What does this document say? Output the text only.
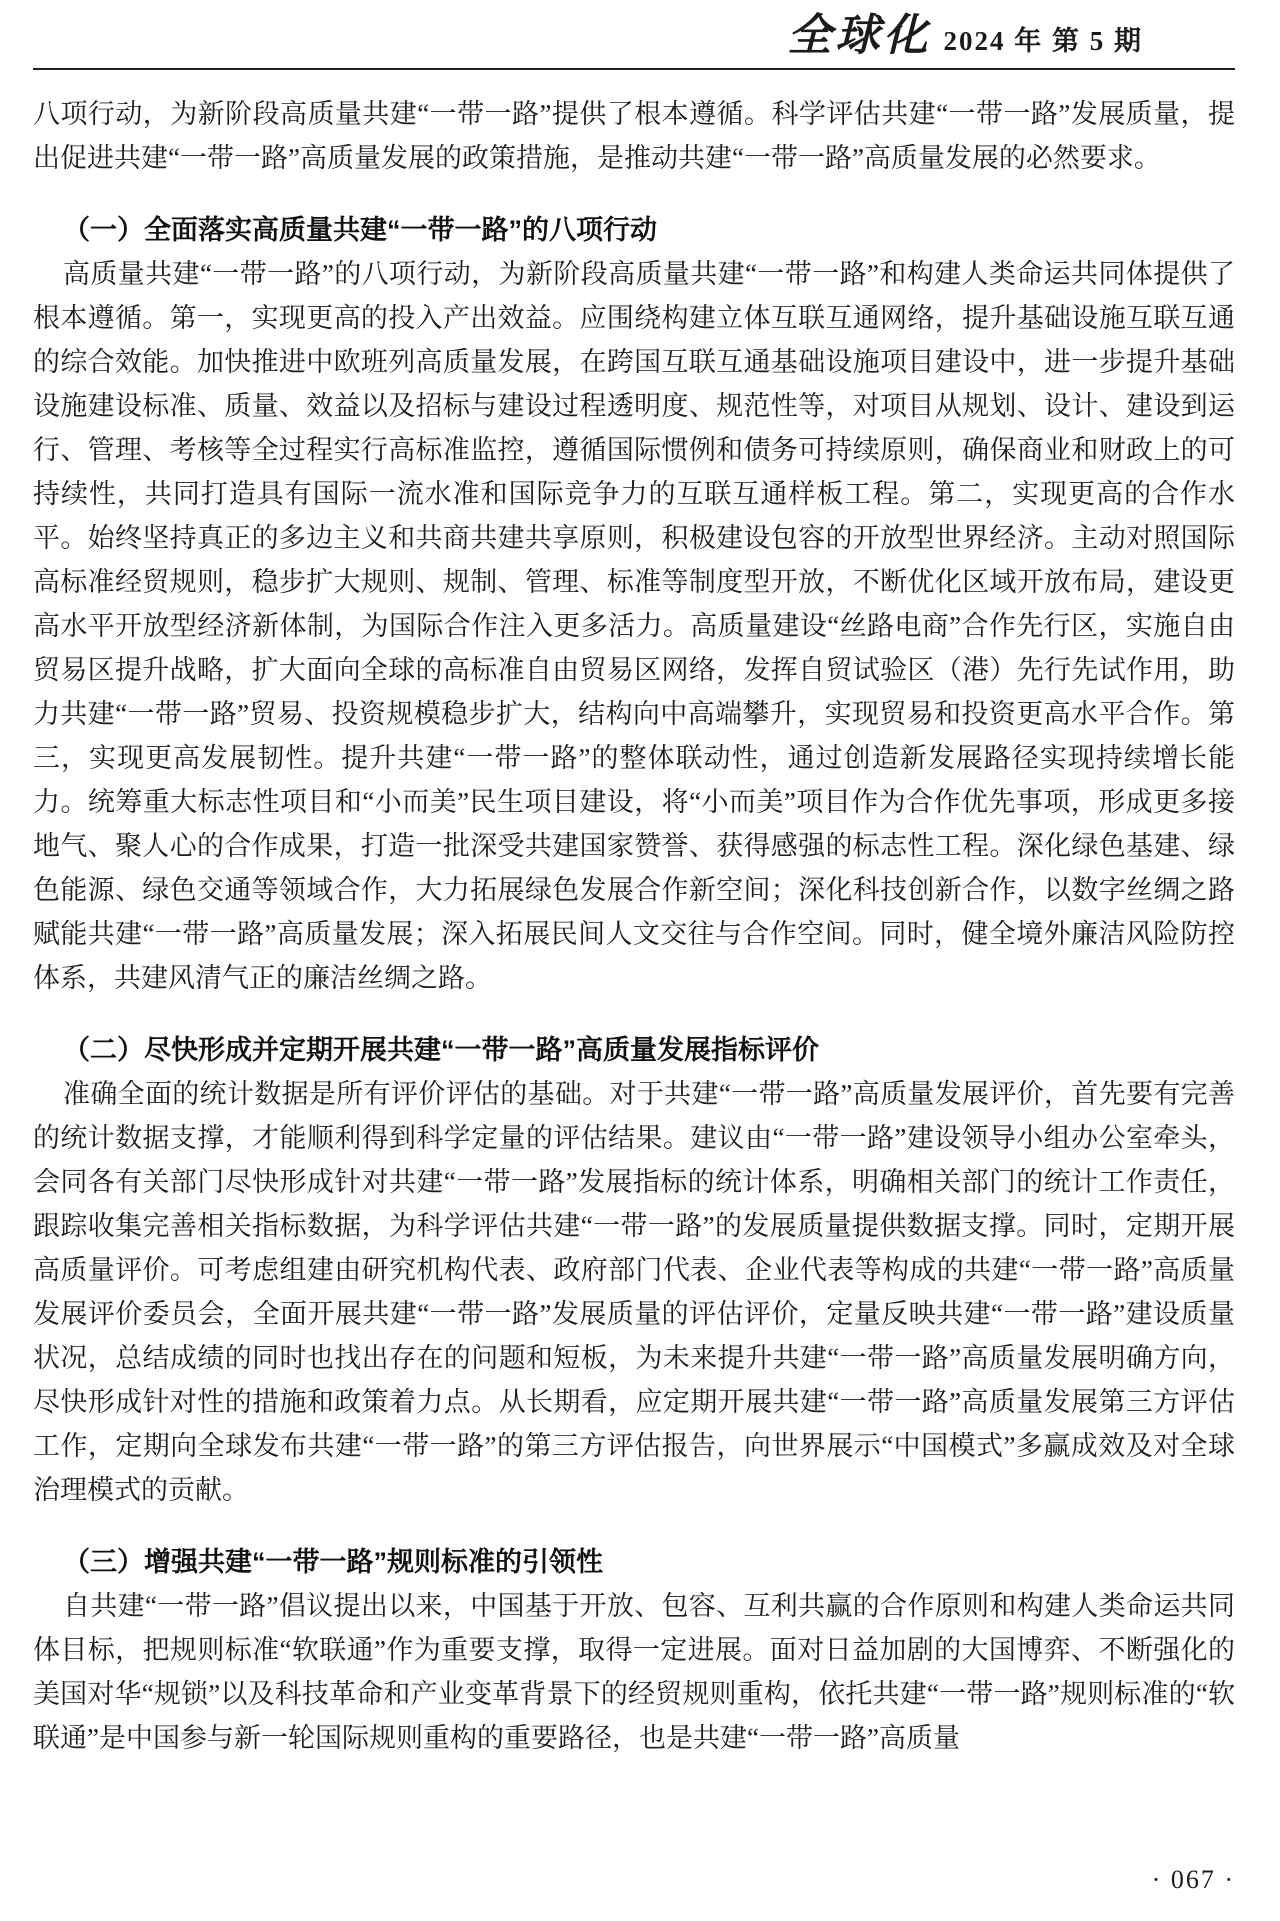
全球化 2024 年 第 5 期

八项行动，为新阶段高质量共建“一带一路”提供了根本遵循。科学评估共建“一带一路”发展质量，提出促进共建“一带一路”高质量发展的政策措施，是推动共建“一带一路”高质量发展的必然要求。

（一）全面落实高质量共建“一带一路”的八项行动

高质量共建“一带一路”的八项行动，为新阶段高质量共建“一带一路”和构建人类命运共同体提供了根本遵循。第一，实现更高的投入产出效益。应围绕构建立体互联互通网络，提升基础设施互联互通的综合效能。加快推进中欧班列高质量发展，在跨国互联互通基础设施项目建设中，进一步提升基础设施建设标准、质量、效益以及招标与建设过程透明度、规范性等，对项目从规划、设计、建设到运行、管理、考核等全过程实行高标准监控，遵循国际惯例和债务可持续原则，确保商业和财政上的可持续性，共同打造具有国际一流水准和国际竞争力的互联互通样板工程。第二，实现更高的合作水平。始终坚持真正的多边主义和共商共建共享原则，积极建设包容的开放型世界经济。主动对照国际高标准经贸规则，稳步扩大规则、规制、管理、标准等制度型开放，不断优化区域开放布局，建设更高水平开放型经济新体制，为国际合作注入更多活力。高质量建设“丝路电商”合作先行区，实施自由贸易区提升战略，扩大面向全球的高标准自由贸易区网络，发挥自贸试验区（港）先行先试作用，助力共建“一带一路”贸易、投资规模稳步扩大，结构向中高端攀升，实现贸易和投资更高水平合作。第三，实现更高发展韧性。提升共建“一带一路”的整体联动性，通过创造新发展路径实现持续增长能力。统筹重大标志性项目和“小而美”民生项目建设，将“小而美”项目作为合作优先事项，形成更多接地气、聚人心的合作成果，打造一批深受共建国家赞誉、获得感强的标志性工程。深化绿色基建、绿色能源、绿色交通等领域合作，大力拓展绿色发展合作新空间；深化科技创新合作，以数字丝绸之路赋能共建“一带一路”高质量发展；深入拓展民间人文交往与合作空间。同时，健全境外廉洁风险防控体系，共建风清气正的廉洁丝绸之路。

（二）尽快形成并定期开展共建“一带一路”高质量发展指标评价

准确全面的统计数据是所有评价评估的基础。对于共建“一带一路”高质量发展评价，首先要有完善的统计数据支撑，才能顺利得到科学定量的评估结果。建议由“一带一路”建设领导小组办公室牵头，会同各有关部门尽快形成针对共建“一带一路”发展指标的统计体系，明确相关部门的统计工作责任，跟踪收集完善相关指标数据，为科学评估共建“一带一路”的发展质量提供数据支撑。同时，定期开展高质量评价。可考虑组建由研究机构代表、政府部门代表、企业代表等构成的共建“一带一路”高质量发展评价委员会，全面开展共建“一带一路”发展质量的评估评价，定量反映共建“一带一路”建设质量状况，总结成绩的同时也找出存在的问题和短板，为未来提升共建“一带一路”高质量发展明确方向，尽快形成针对性的措施和政策着力点。从长期看，应定期开展共建“一带一路”高质量发展第三方评估工作，定期向全球发布共建“一带一路”的第三方评估报告，向世界展示“中国模式”多赢成效及对全球治理模式的贡献。

（三）增强共建“一带一路”规则标准的引领性

自共建“一带一路”倡议提出以来，中国基于开放、包容、互利共赢的合作原则和构建人类命运共同体目标，把规则标准“软联通”作为重要支撑，取得一定进展。面对日益加剧的大国博弈、不断强化的美国对华“规锁”以及科技革命和产业变革背景下的经贸规则重构，依托共建“一带一路”规则标准的“软联通”是中国参与新一轮国际规则重构的重要路径，也是共建“一带一路”高质量

· 067 ·
